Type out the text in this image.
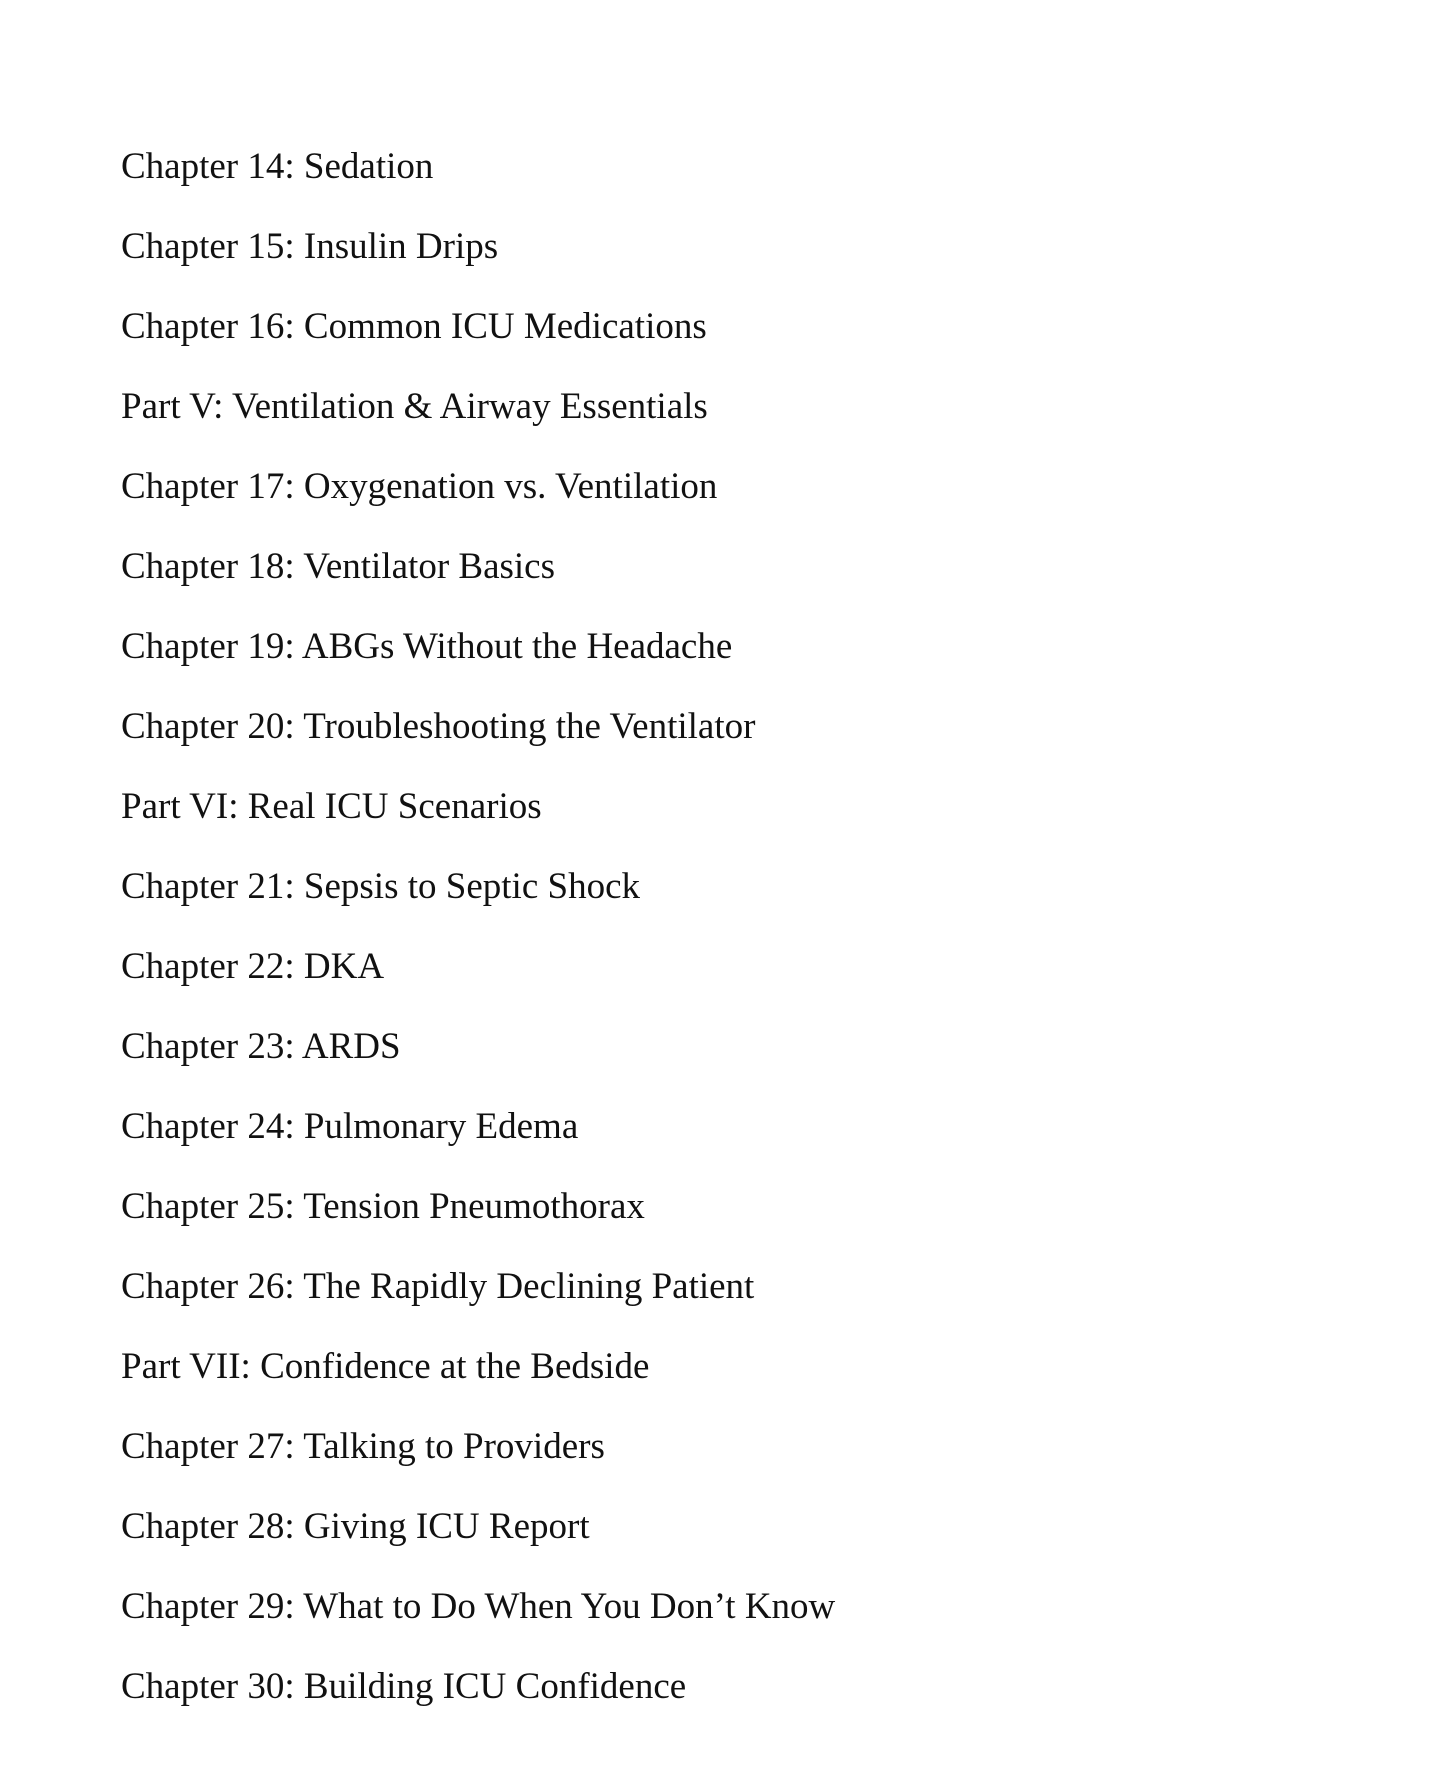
Chapter 14: Sedation
Chapter 15: Insulin Drips
Chapter 16: Common ICU Medications
Part V: Ventilation & Airway Essentials
Chapter 17: Oxygenation vs. Ventilation
Chapter 18: Ventilator Basics
Chapter 19: ABGs Without the Headache
Chapter 20: Troubleshooting the Ventilator
Part VI: Real ICU Scenarios
Chapter 21: Sepsis to Septic Shock
Chapter 22: DKA
Chapter 23: ARDS
Chapter 24: Pulmonary Edema
Chapter 25: Tension Pneumothorax
Chapter 26: The Rapidly Declining Patient
Part VII: Confidence at the Bedside
Chapter 27: Talking to Providers
Chapter 28: Giving ICU Report
Chapter 29: What to Do When You Don’t Know
Chapter 30: Building ICU Confidence
